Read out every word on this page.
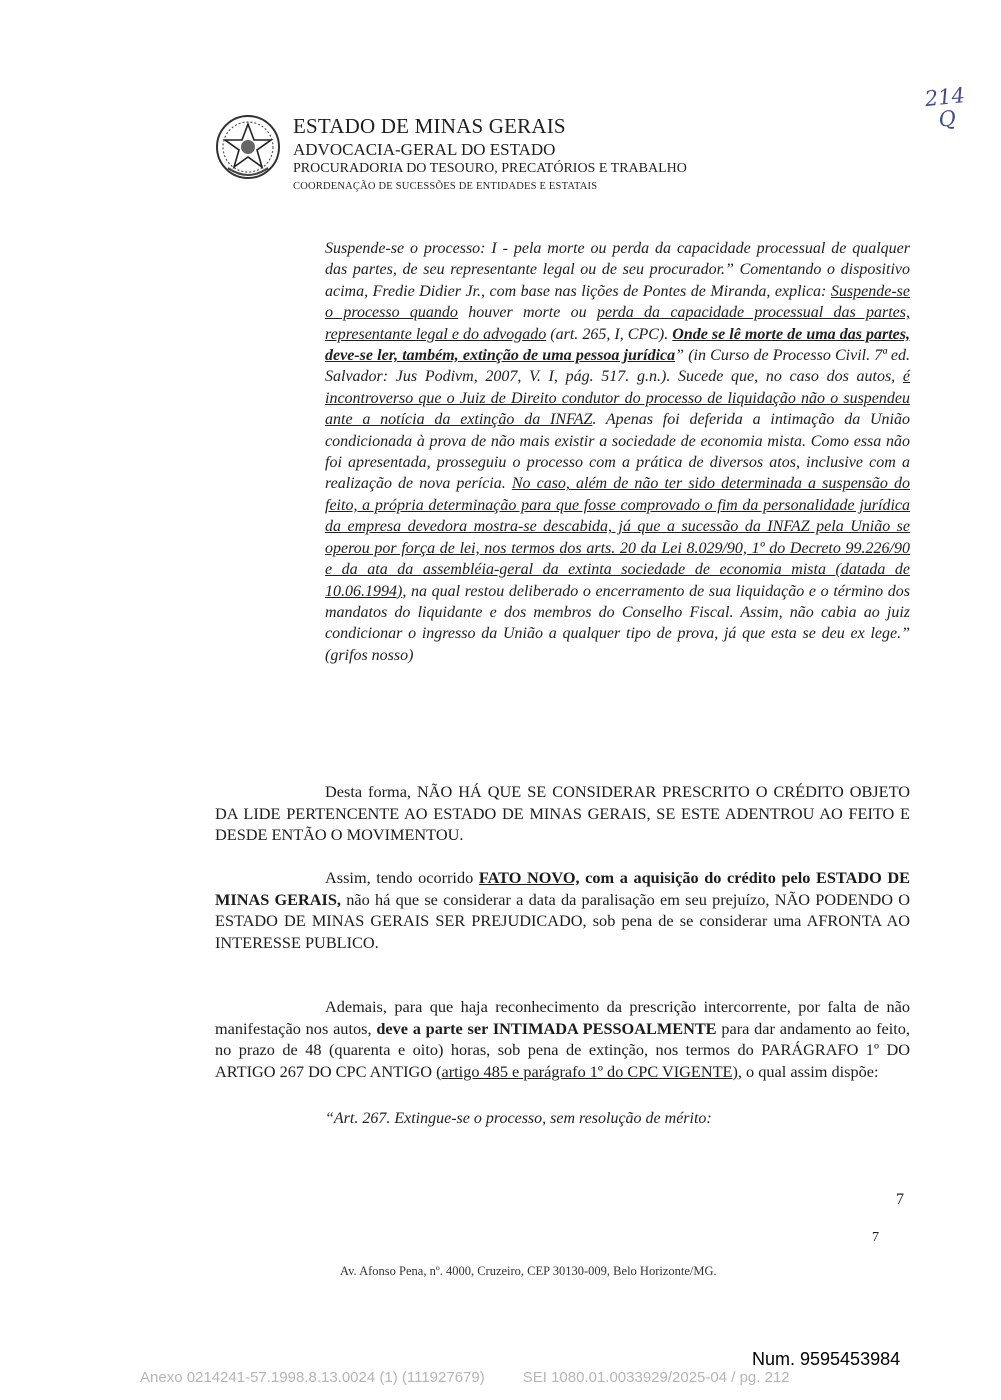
ESTADO DE MINAS GERAIS
ADVOCACIA-GERAL DO ESTADO
PROCURADORIA DO TESOURO, PRECATÓRIOS E TRABALHO
COORDENAÇÃO DE SUCESSÕES DE ENTIDADES E ESTATAIS
214
Q
Suspende-se o processo: I - pela morte ou perda da capacidade processual de qualquer das partes, de seu representante legal ou de seu procurador.” Comentando o dispositivo acima, Fredie Didier Jr., com base nas lições de Pontes de Miranda, explica: Suspende-se o processo quando houver morte ou perda da capacidade processual das partes, representante legal e do advogado (art. 265, I, CPC). Onde se lê morte de uma das partes, deve-se ler, também, extinção de uma pessoa jurídica” (in Curso de Processo Civil. 7ª ed. Salvador: Jus Podivm, 2007, V. I, pág. 517. g.n.). Sucede que, no caso dos autos, é incontroverso que o Juiz de Direito condutor do processo de liquidação não o suspendeu ante a notícia da extinção da INFAZ. Apenas foi deferida a intimação da União condicionada à prova de não mais existir a sociedade de economia mista. Como essa não foi apresentada, prosseguiu o processo com a prática de diversos atos, inclusive com a realização de nova perícia. No caso, além de não ter sido determinada a suspensão do feito, a própria determinação para que fosse comprovado o fim da personalidade jurídica da empresa devedora mostra-se descabida, já que a sucessão da INFAZ pela União se operou por força de lei, nos termos dos arts. 20 da Lei 8.029/90, 1º do Decreto 99.226/90 e da ata da assembléia-geral da extinta sociedade de economia mista (datada de 10.06.1994), na qual restou deliberado o encerramento de sua liquidação e o término dos mandatos do liquidante e dos membros do Conselho Fiscal. Assim, não cabia ao juiz condicionar o ingresso da União a qualquer tipo de prova, já que esta se deu ex lege.” (grifos nosso)
Desta forma, NÃO HÁ QUE SE CONSIDERAR PRESCRITO O CRÉDITO OBJETO DA LIDE PERTENCENTE AO ESTADO DE MINAS GERAIS, SE ESTE ADENTROU AO FEITO E DESDE ENTÃO O MOVIMENTOU.
Assim, tendo ocorrido FATO NOVO, com a aquisição do crédito pelo ESTADO DE MINAS GERAIS, não há que se considerar a data da paralisação em seu prejuízo, NÃO PODENDO O ESTADO DE MINAS GERAIS SER PREJUDICADO, sob pena de se considerar uma AFRONTA AO INTERESSE PUBLICO.
Ademais, para que haja reconhecimento da prescrição intercorrente, por falta de não manifestação nos autos, deve a parte ser INTIMADA PESSOALMENTE para dar andamento ao feito, no prazo de 48 (quarenta e oito) horas, sob pena de extinção, nos termos do PARÁGRAFO 1º DO ARTIGO 267 DO CPC ANTIGO (artigo 485 e parágrafo 1º do CPC VIGENTE), o qual assim dispõe:
“Art. 267. Extingue-se o processo, sem resolução de mérito:
7
7
Av. Afonso Pena, nº. 4000, Cruzeiro, CEP 30130-009, Belo Horizonte/MG.
Num. 9595453984
Anexo 0214241-57.1998.8.13.0024 (1) (111927679)	SEI 1080.01.0033929/2025-04 / pg. 212
